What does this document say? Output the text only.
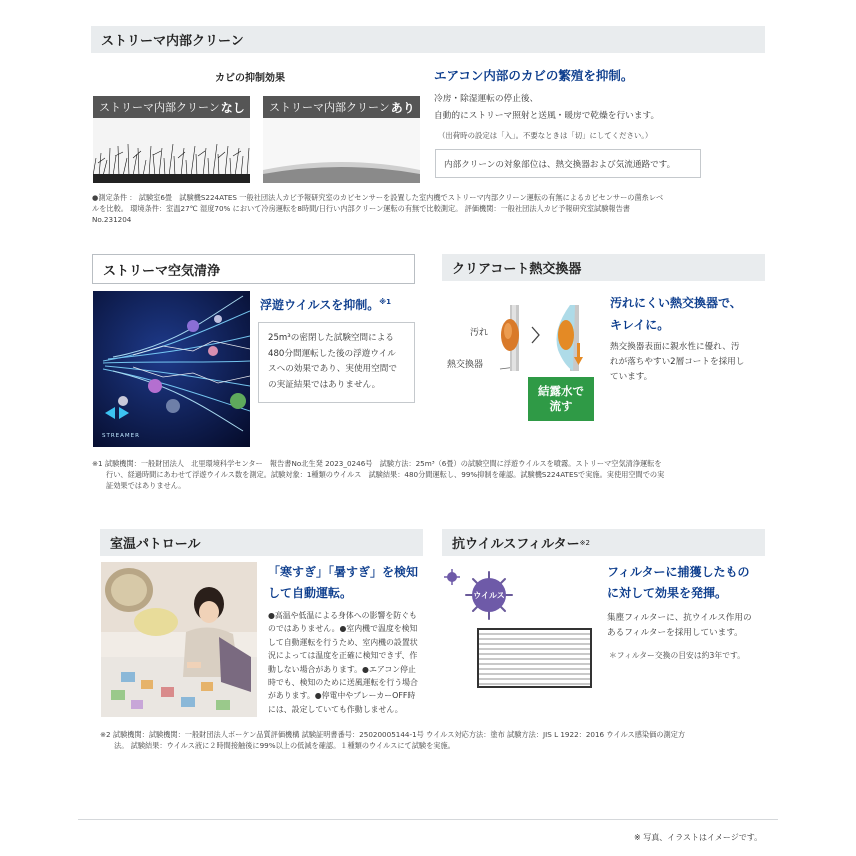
ストリーマ内部クリーン
カビの抑制効果
ストリーマ内部クリーン なし ストリーマ内部クリーン あり
エアコン内部のカビの繁殖を抑制。
冷房・除湿運転の停止後、
自動的にストリーマ照射と送風・暖房で乾燥を行います。
（出荷時の設定は「入」。不要なときは「切」にしてください。）
内部クリーンの対象部位は、熱交換器および気流通路です。
●測定条件 ： 試験室6畳　試験機S224ATES 一般社団法人カビ予報研究室のカビセンサーを設置した室内機でストリーマ内部クリーン運転の有無によるカビセンサーの菌糸レベ
ルを比較。 環境条件：室温27℃ 湿度70% において冷房運転を8時間/日行い内部クリーン運転の有無で比較測定。 評価機関：一般社団法人カビ予報研究室試験報告書
No.231204
ストリーマ空気清浄
STREAMER
浮遊ウイルスを抑制。$^{※1}$
25m³の密閉した試験空間による
480分間運転した後の浮遊ウイル
スへの効果であり、実使用空間で
の実証結果ではありません。
クリアコート熱交換器
汚れ
熱交換器
結露水で
流す
汚れにくい熱交換器で、
キレイに。
熱交換器表面に親水性に優れ、汚
れが落ちやすい2層コートを採用し
ています。
※1 試験機関：一般財団法人　北里環境科学センター　報告書No北生発 2023_0246号　試験方法：25m³（6畳）の試験空間に浮遊ウイルスを噴霧。ストリーマ空気清浄運転を
行い、経過時間にあわせて浮遊ウイルス数を測定。試験対象：1種類のウイルス　試験結果：480分間運転し、99%抑制を確認。試験機S224ATESで実施。実使用空間での実
証効果ではありません。
室温パトロール
「寒すぎ」「暑すぎ」を検知
して自動運転。
●高温や低温による身体への影響を防ぐも
のではありません。●室内機で温度を検知
して自動運転を行うため、室内機の設置状
況によっては温度を正確に検知できず、作
動しない場合があります。●エアコン停止
時でも、検知のために送風運転を行う場合
があります。●停電中やブレーカーOFF時
には、設定していても作動しません。
抗ウイルスフィルター ※2
ウイルス
フィルターに捕獲したもの
に対して効果を発揮。
集塵フィルターに、抗ウイルス作用の
あるフィルターを採用しています。
＊フィルター交換の目安は約3年です。
※2 試験機関：試験機関：一般財団法人ボーケン品質評価機構 試験証明書番号：25020005144-1号 ウイルス対応方法：塗布 試験方法：JIS L 1922：2016 ウイルス感染価の測定方
法。 試験結果：ウイルス液に２時間接触後に99%以上の低減を確認。１種類のウイルスにて試験を実施。
※ 写真、イラストはイメージです。
